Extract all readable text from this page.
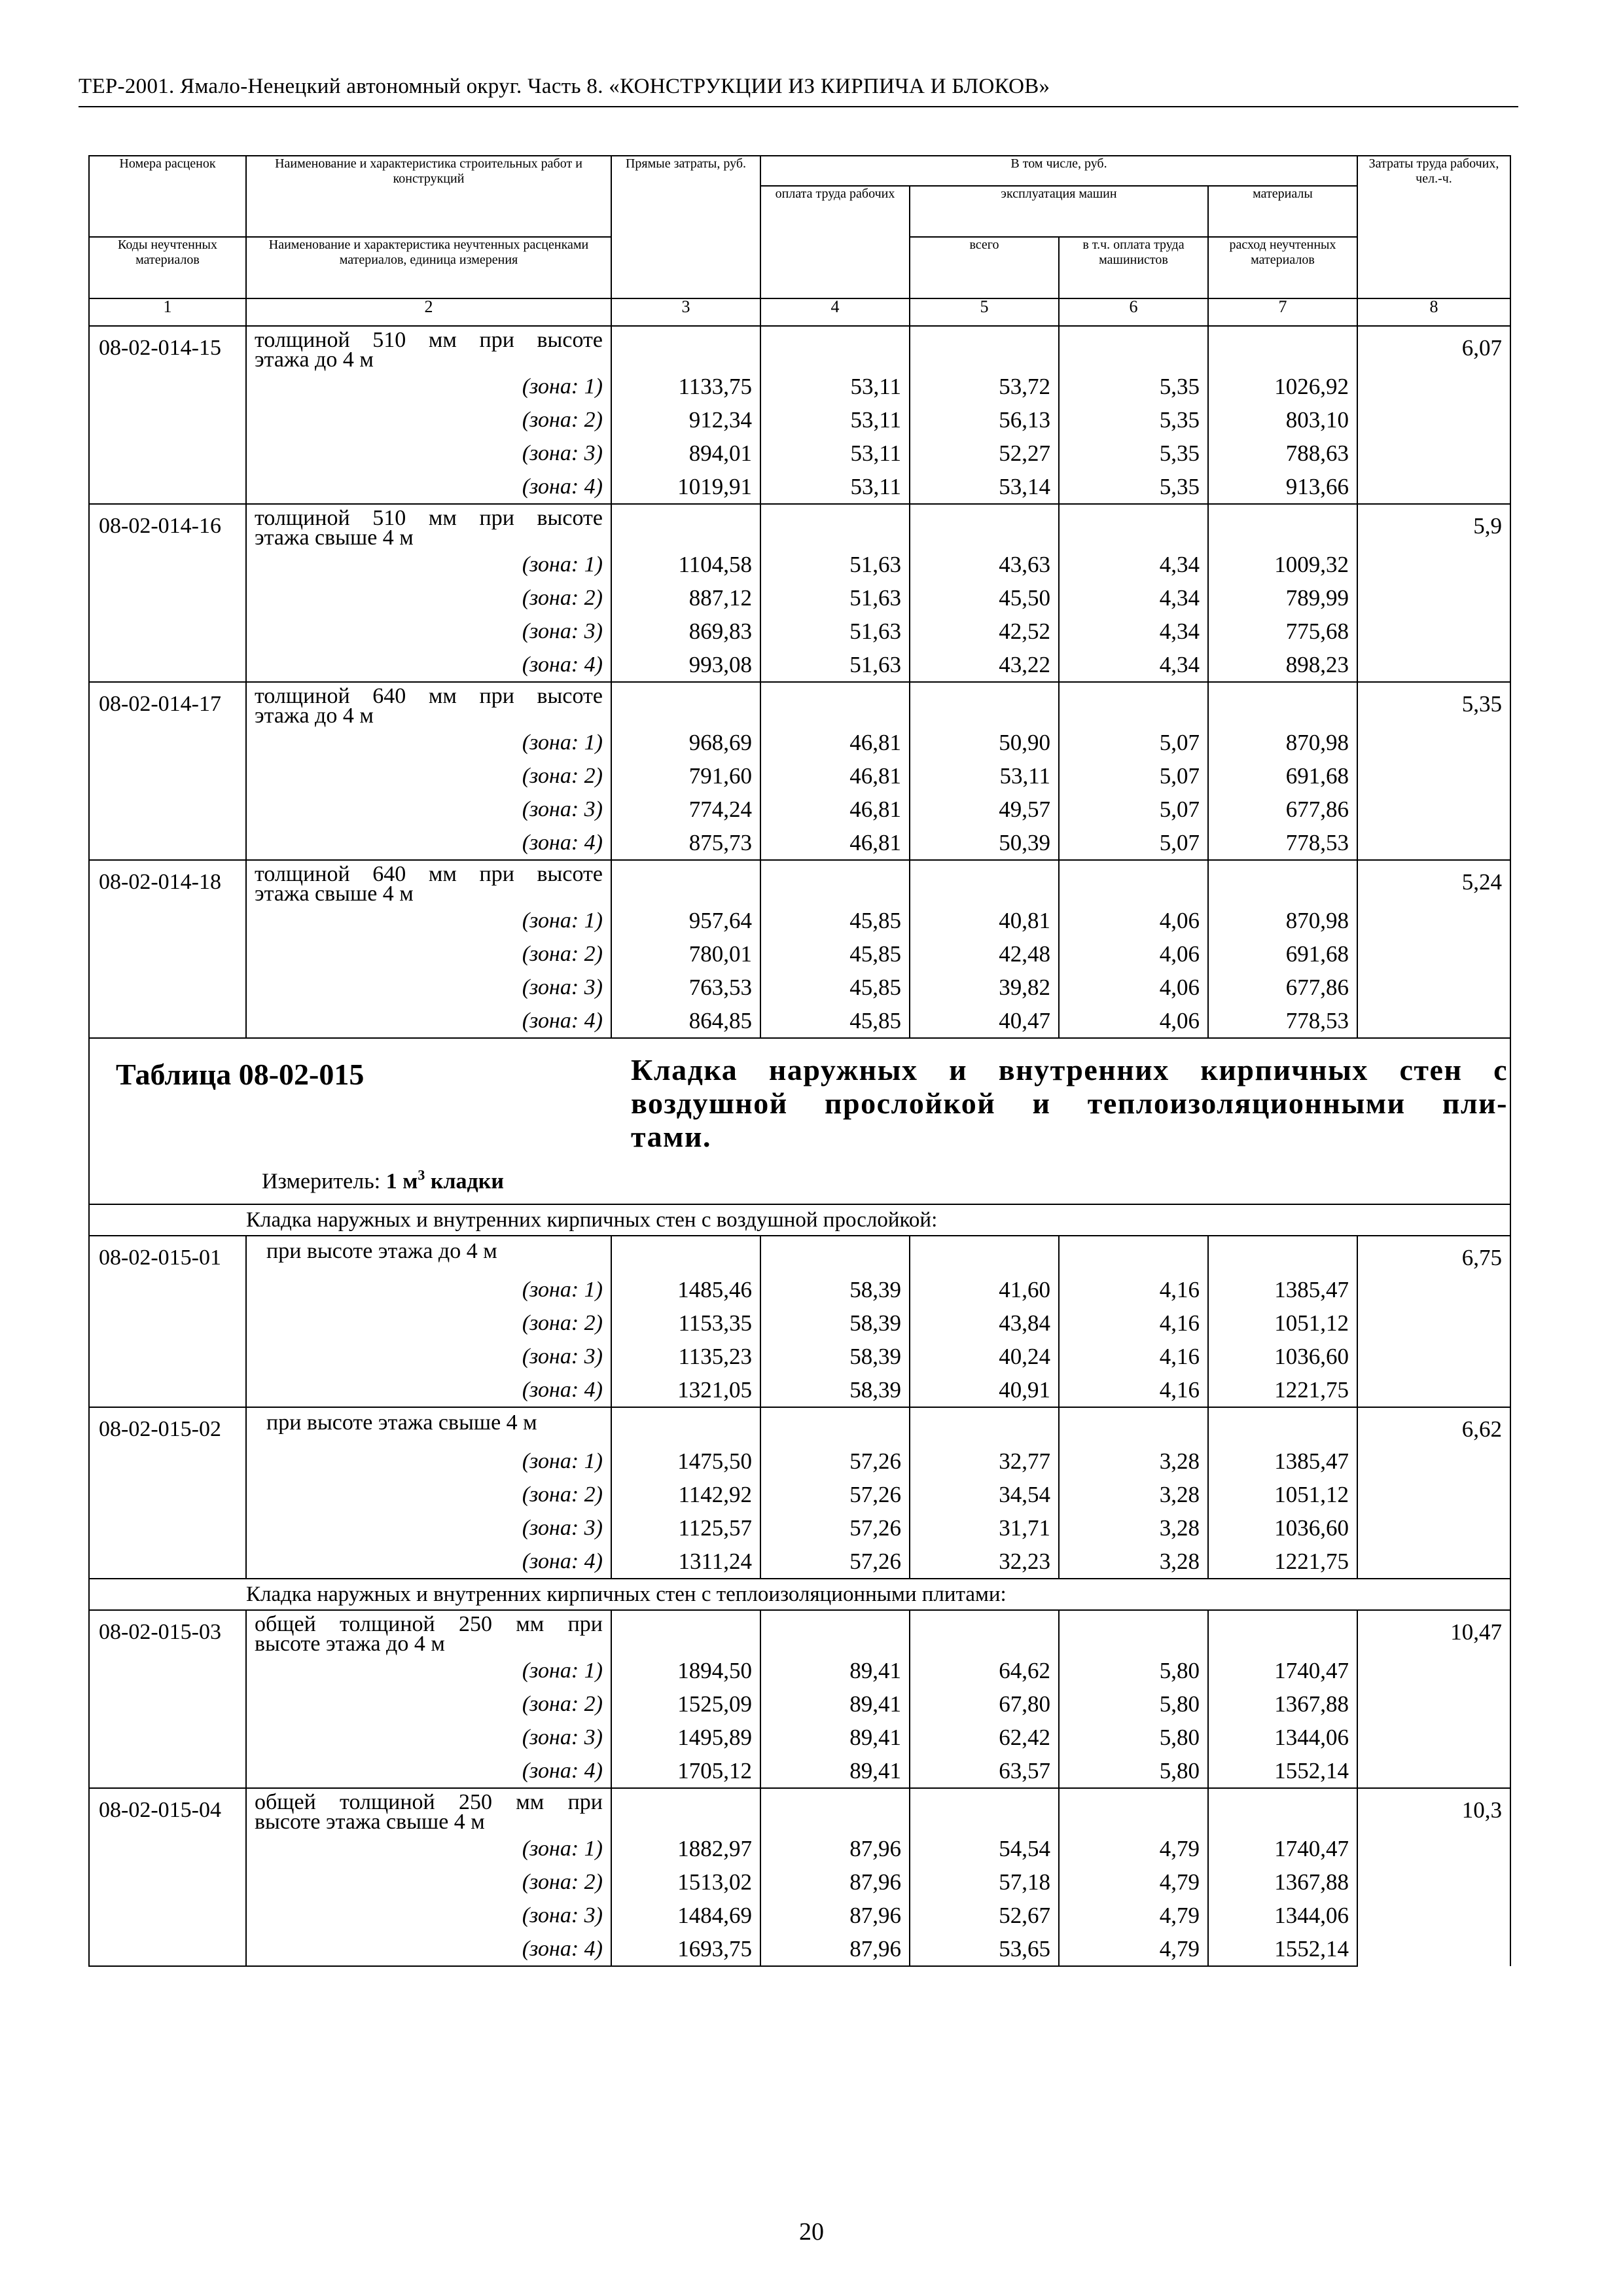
ТЕР-2001. Ямало-Ненецкий автономный округ. Часть 8. «КОНСТРУКЦИИ ИЗ КИРПИЧА И БЛОКОВ»
Номера расценок	Наименование и характеристика строительных работ и конструкций	Прямые затраты, руб.	В том числе, руб.				Затраты труда рабочих, чел.-ч.
			оплата труда рабочих	эксплуатация машин		материалы	
Коды неучтенных материалов	Наименование и характеристика неучтенных расценками материалов, единица измерения			всего	в т.ч. оплата труда машинистов	расход неучтенных материалов	
1	2	3	4	5	6	7	8
08-02-014-15	толщиной 510 мм при высоте
этажа до 4 м						6,07
	(зона: 1)	1133,75	53,11	53,72	5,35	1026,92	
	(зона: 2)	912,34	53,11	56,13	5,35	803,10	
	(зона: 3)	894,01	53,11	52,27	5,35	788,63	
	(зона: 4)	1019,91	53,11	53,14	5,35	913,66	
08-02-014-16	толщиной 510 мм при высоте
этажа свыше 4 м						5,9
	(зона: 1)	1104,58	51,63	43,63	4,34	1009,32	
	(зона: 2)	887,12	51,63	45,50	4,34	789,99	
	(зона: 3)	869,83	51,63	42,52	4,34	775,68	
	(зона: 4)	993,08	51,63	43,22	4,34	898,23	
08-02-014-17	толщиной 640 мм при высоте
этажа до 4 м						5,35
	(зона: 1)	968,69	46,81	50,90	5,07	870,98	
	(зона: 2)	791,60	46,81	53,11	5,07	691,68	
	(зона: 3)	774,24	46,81	49,57	5,07	677,86	
	(зона: 4)	875,73	46,81	50,39	5,07	778,53	
08-02-014-18	толщиной 640 мм при высоте
этажа свыше 4 м						5,24
	(зона: 1)	957,64	45,85	40,81	4,06	870,98	
	(зона: 2)	780,01	45,85	42,48	4,06	691,68	
	(зона: 3)	763,53	45,85	39,82	4,06	677,86	
	(зона: 4)	864,85	45,85	40,47	4,06	778,53	

Таблица 08-02-015 Кладка наружных и внутренних кирпичных стен с
воздушной прослойкой и теплоизоляционными пли-
тами.
Измеритель: 1 $м^3$ кладки							

	Кладка наружных и внутренних кирпичных стен с воздушной прослойкой:						
08-02-015-01	при высоте этажа до 4 м						6,75
	(зона: 1)	1485,46	58,39	41,60	4,16	1385,47	
	(зона: 2)	1153,35	58,39	43,84	4,16	1051,12	
	(зона: 3)	1135,23	58,39	40,24	4,16	1036,60	
	(зона: 4)	1321,05	58,39	40,91	4,16	1221,75	
08-02-015-02	при высоте этажа свыше 4 м						6,62
	(зона: 1)	1475,50	57,26	32,77	3,28	1385,47	
	(зона: 2)	1142,92	57,26	34,54	3,28	1051,12	
	(зона: 3)	1125,57	57,26	31,71	3,28	1036,60	
	(зона: 4)	1311,24	57,26	32,23	3,28	1221,75	
	Кладка наружных и внутренних кирпичных стен с теплоизоляционными плитами:						
08-02-015-03	общей толщиной 250 мм при
высоте этажа до 4 м						10,47
	(зона: 1)	1894,50	89,41	64,62	5,80	1740,47	
	(зона: 2)	1525,09	89,41	67,80	5,80	1367,88	
	(зона: 3)	1495,89	89,41	62,42	5,80	1344,06	
	(зона: 4)	1705,12	89,41	63,57	5,80	1552,14	
08-02-015-04	общей толщиной 250 мм при
высоте этажа свыше 4 м						10,3
	(зона: 1)	1882,97	87,96	54,54	4,79	1740,47	
	(зона: 2)	1513,02	87,96	57,18	4,79	1367,88	
	(зона: 3)	1484,69	87,96	52,67	4,79	1344,06	
	(зона: 4)	1693,75	87,96	53,65	4,79	1552,14	
20
